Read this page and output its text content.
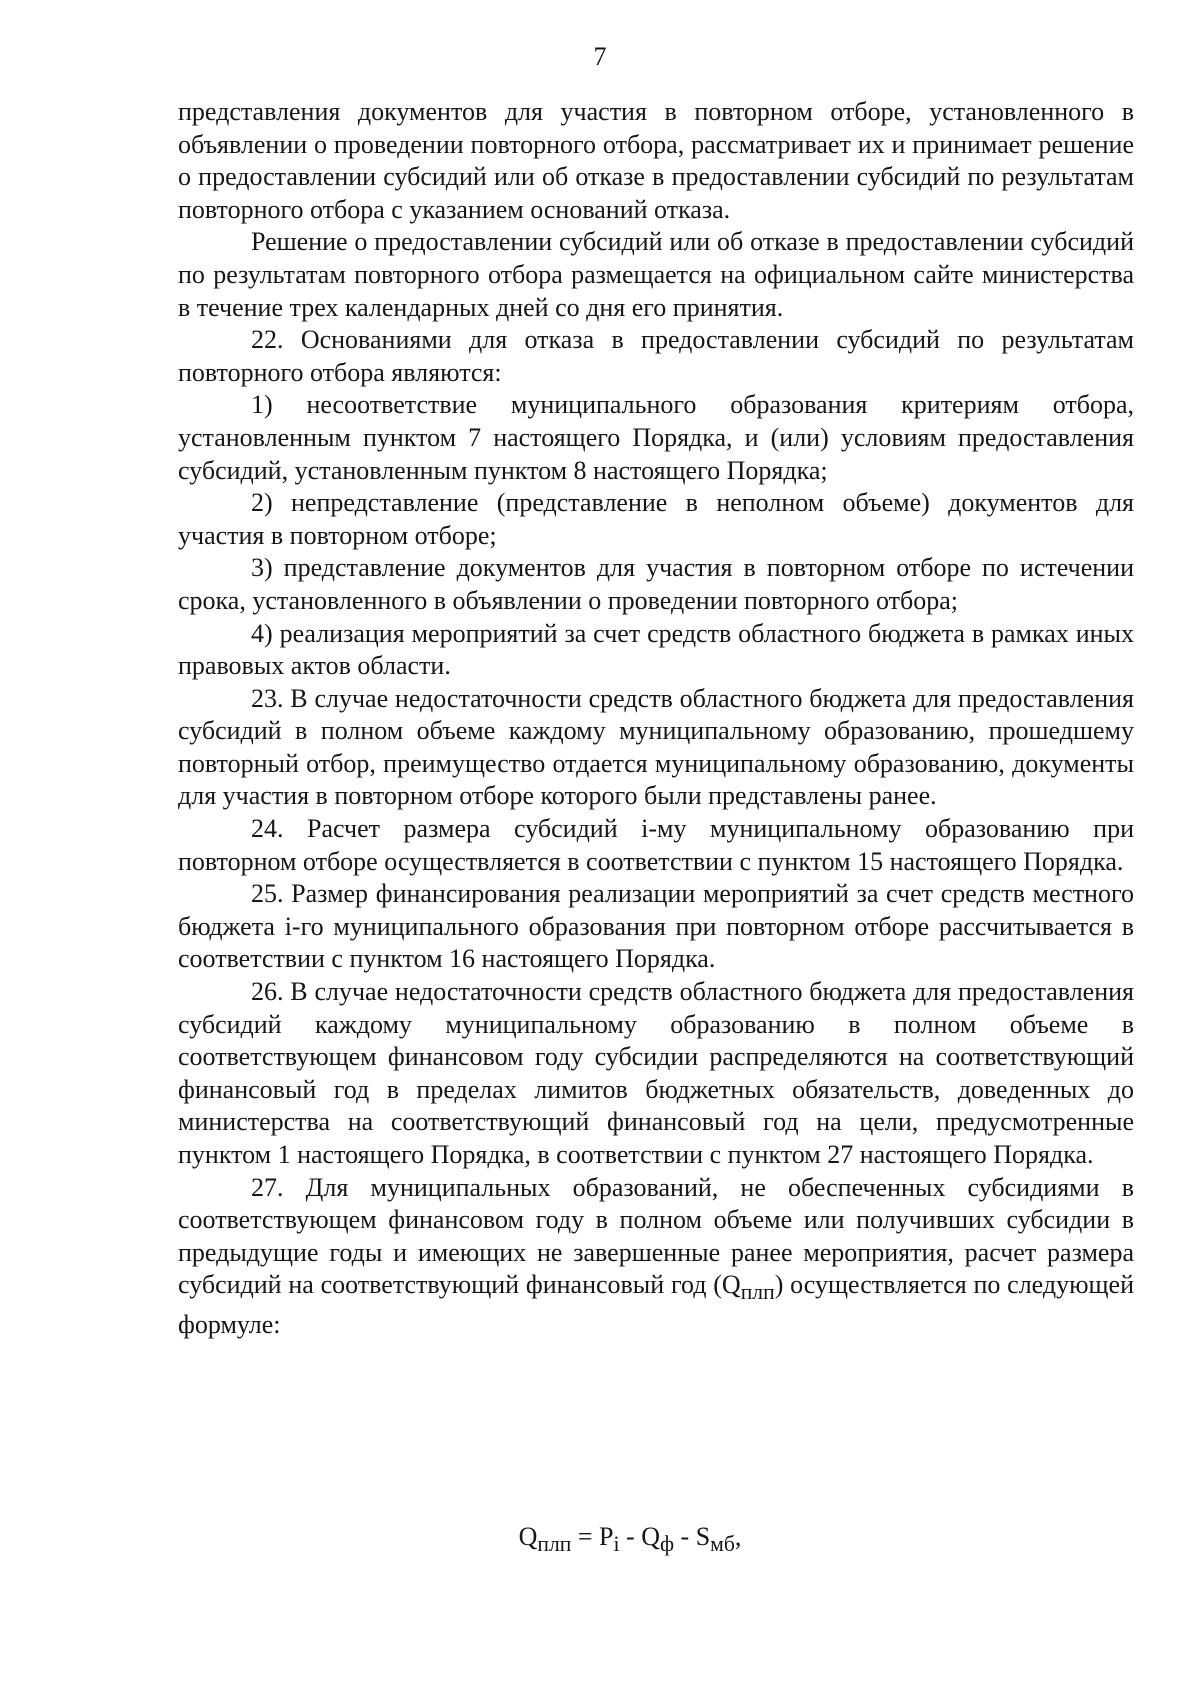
7

представления документов для участия в повторном отборе, установленного в объявлении о проведении повторного отбора, рассматривает их и принимает решение о предоставлении субсидий или об отказе в предоставлении субсидий по результатам повторного отбора с указанием оснований отказа.

Решение о предоставлении субсидий или об отказе в предоставлении субсидий по результатам повторного отбора размещается на официальном сайте министерства в течение трех календарных дней со дня его принятия.

22. Основаниями для отказа в предоставлении субсидий по результатам повторного отбора являются:

1) несоответствие муниципального образования критериям отбора, установленным пунктом 7 настоящего Порядка, и (или) условиям предоставления субсидий, установленным пунктом 8 настоящего Порядка;

2) непредставление (представление в неполном объеме) документов для участия в повторном отборе;

3) представление документов для участия в повторном отборе по истечении срока, установленного в объявлении о проведении повторного отбора;

4) реализация мероприятий за счет средств областного бюджета в рамках иных правовых актов области.

23. В случае недостаточности средств областного бюджета для предоставления субсидий в полном объеме каждому муниципальному образованию, прошедшему повторный отбор, преимущество отдается муниципальному образованию, документы для участия в повторном отборе которого были представлены ранее.

24. Расчет размера субсидий i-му муниципальному образованию при повторном отборе осуществляется в соответствии с пунктом 15 настоящего Порядка.

25. Размер финансирования реализации мероприятий за счет средств местного бюджета i-го муниципального образования при повторном отборе рассчитывается в соответствии с пунктом 16 настоящего Порядка.

26. В случае недостаточности средств областного бюджета для предоставления субсидий каждому муниципальному образованию в полном объеме в соответствующем финансовом году субсидии распределяются на соответствующий финансовый год в пределах лимитов бюджетных обязательств, доведенных до министерства на соответствующий финансовый год на цели, предусмотренные пунктом 1 настоящего Порядка, в соответствии с пунктом 27 настоящего Порядка.

27. Для муниципальных образований, не обеспеченных субсидиями в соответствующем финансовом году в полном объеме или получивших субсидии в предыдущие годы и имеющих не завершенные ранее мероприятия, расчет размера субсидий на соответствующий финансовый год $(Q_{плп})$ осуществляется по следующей формуле:

$Q_{плп} = P_i - Q_ф - S_{мб}$,
